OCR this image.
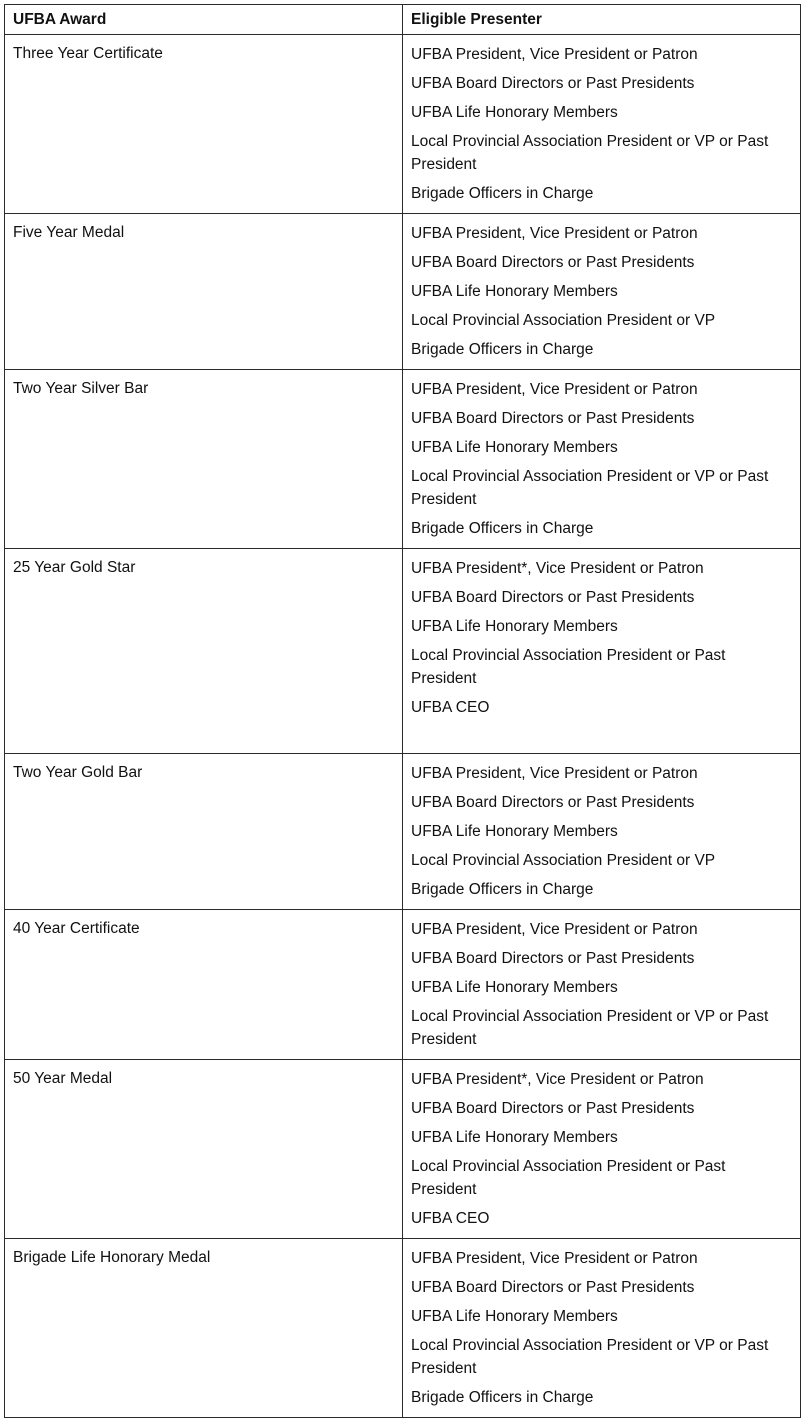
UFBA Award	Eligible Presenter
Three Year Certificate	UFBA President, Vice President or Patron
UFBA Board Directors or Past Presidents
UFBA Life Honorary Members
Local Provincial Association President or VP or Past President
Brigade Officers in Charge

Five Year Medal	UFBA President, Vice President or Patron
UFBA Board Directors or Past Presidents
UFBA Life Honorary Members
Local Provincial Association President or VP
Brigade Officers in Charge

Two Year Silver Bar	UFBA President, Vice President or Patron
UFBA Board Directors or Past Presidents
UFBA Life Honorary Members
Local Provincial Association President or VP or Past President
Brigade Officers in Charge

25 Year Gold Star	UFBA President*, Vice President or Patron
UFBA Board Directors or Past Presidents
UFBA Life Honorary Members
Local Provincial Association President or Past President
UFBA CEO

Two Year Gold Bar	UFBA President, Vice President or Patron
UFBA Board Directors or Past Presidents
UFBA Life Honorary Members
Local Provincial Association President or VP
Brigade Officers in Charge

40 Year Certificate	UFBA President, Vice President or Patron
UFBA Board Directors or Past Presidents
UFBA Life Honorary Members
Local Provincial Association President or VP or Past President

50 Year Medal	UFBA President*, Vice President or Patron
UFBA Board Directors or Past Presidents
UFBA Life Honorary Members
Local Provincial Association President or Past President
UFBA CEO

Brigade Life Honorary Medal	UFBA President, Vice President or Patron
UFBA Board Directors or Past Presidents
UFBA Life Honorary Members
Local Provincial Association President or VP or Past President
Brigade Officers in Charge
